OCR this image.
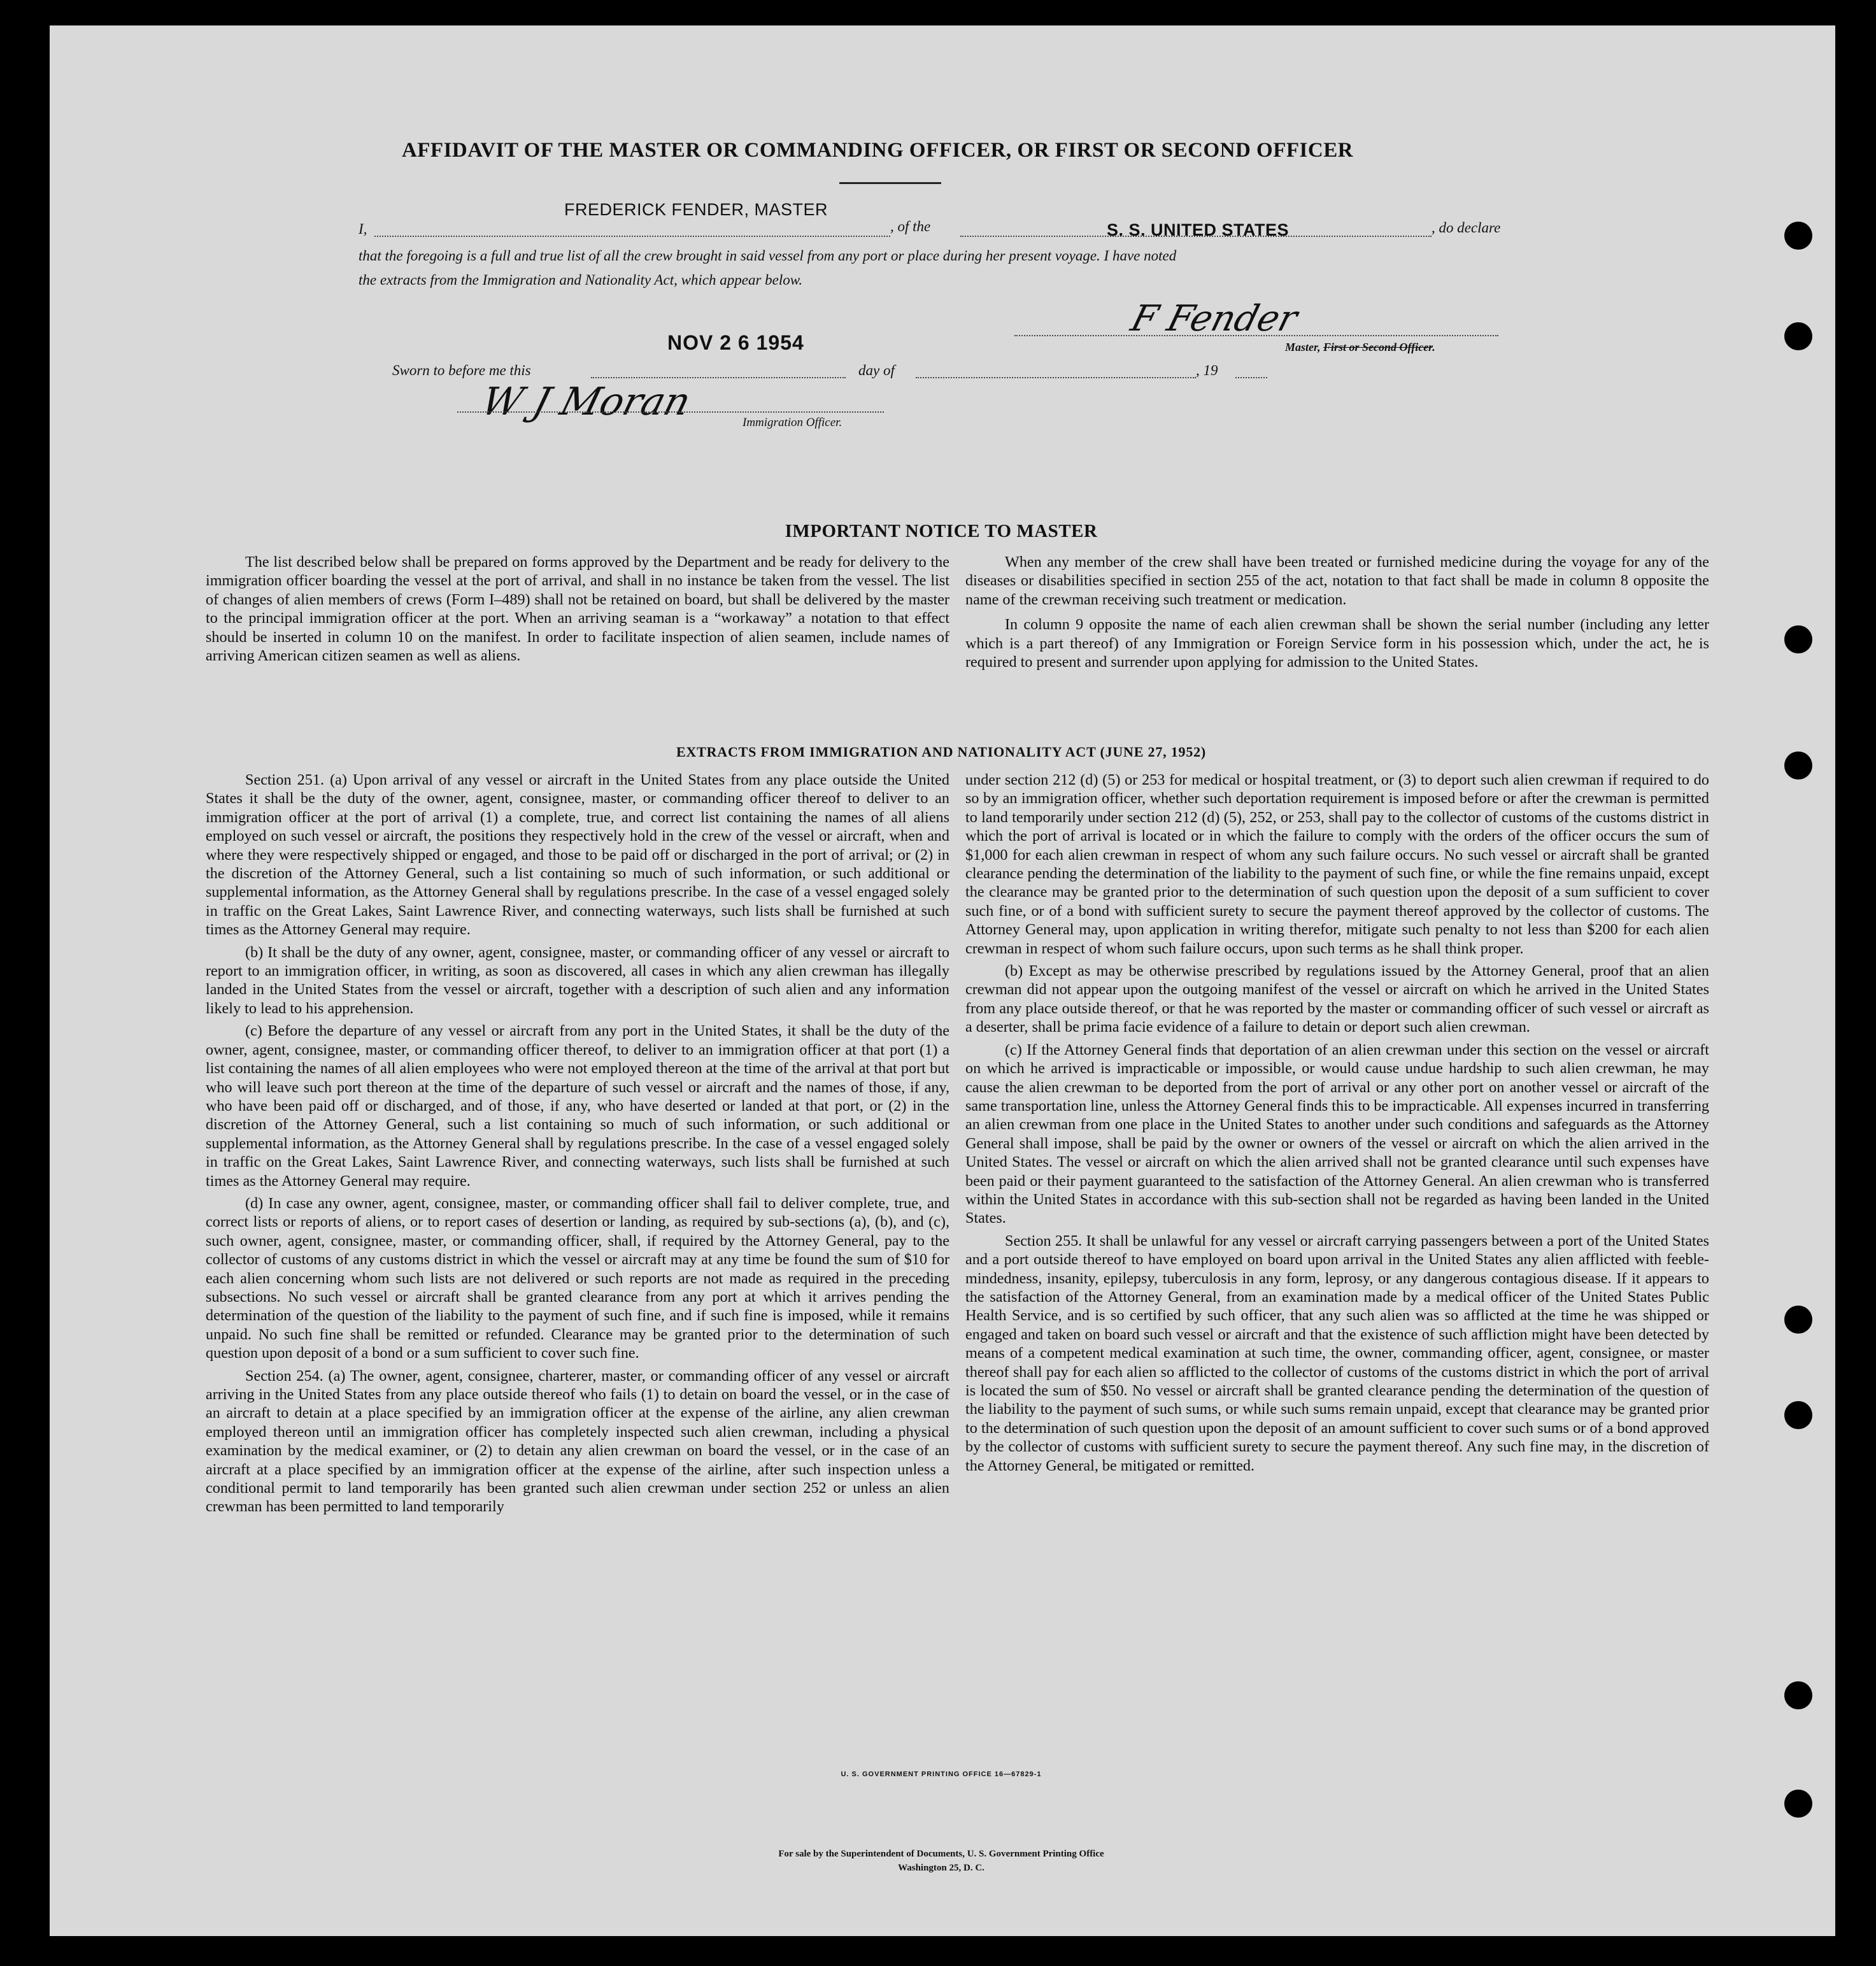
AFFIDAVIT OF THE MASTER OR COMMANDING OFFICER, OR FIRST OR SECOND OFFICER
I,
FREDERICK FENDER, MASTER
, of the	S. S. UNITED STATES	, do declare
that the foregoing is a full and true list of all the crew brought in said vessel from any port or place during her present voyage. I have noted
the extracts from the Immigration and Nationality Act, which appear below.
F Fender
Master, First or Second Officer.
NOV 2 6 1954
Sworn to before me this	day of	, 19
W J Moran	Immigration Officer.
IMPORTANT NOTICE TO MASTER

The list described below shall be prepared on forms approved by the Department and be ready for delivery to the immigration officer boarding the vessel at the port of arrival, and shall in no instance be taken from the vessel. The list of changes of alien members of crews (Form I–489) shall not be retained on board, but shall be delivered by the master to the principal immigration officer at the port. When an arriving seaman is a “workaway” a notation to that effect should be inserted in column 10 on the manifest. In order to facilitate inspection of alien seamen, include names of arriving American citizen seamen as well as aliens.

When any member of the crew shall have been treated or furnished medicine during the voyage for any of the diseases or disabilities specified in section 255 of the act, notation to that fact shall be made in column 8 opposite the name of the crewman receiving such treatment or medication.

In column 9 opposite the name of each alien crewman shall be shown the serial number (including any letter which is a part thereof) of any Immigration or Foreign Service form in his possession which, under the act, he is required to present and surrender upon applying for admission to the United States.

EXTRACTS FROM IMMIGRATION AND NATIONALITY ACT (JUNE 27, 1952)

Section 251. (a) Upon arrival of any vessel or aircraft in the United States from any place outside the United States it shall be the duty of the owner, agent, consignee, master, or commanding officer thereof to deliver to an immigration officer at the port of arrival (1) a complete, true, and correct list containing the names of all aliens employed on such vessel or aircraft, the positions they respectively hold in the crew of the vessel or aircraft, when and where they were respectively shipped or engaged, and those to be paid off or discharged in the port of arrival; or (2) in the discretion of the Attorney General, such a list containing so much of such information, or such additional or supplemental information, as the Attorney General shall by regulations prescribe. In the case of a vessel engaged solely in traffic on the Great Lakes, Saint Lawrence River, and connecting waterways, such lists shall be furnished at such times as the Attorney General may require.

(b) It shall be the duty of any owner, agent, consignee, master, or commanding officer of any vessel or aircraft to report to an immigration officer, in writing, as soon as discovered, all cases in which any alien crewman has illegally landed in the United States from the vessel or aircraft, together with a description of such alien and any information likely to lead to his apprehension.

(c) Before the departure of any vessel or aircraft from any port in the United States, it shall be the duty of the owner, agent, consignee, master, or commanding officer thereof, to deliver to an immigration officer at that port (1) a list containing the names of all alien employees who were not employed thereon at the time of the arrival at that port but who will leave such port thereon at the time of the departure of such vessel or aircraft and the names of those, if any, who have been paid off or discharged, and of those, if any, who have deserted or landed at that port, or (2) in the discretion of the Attorney General, such a list containing so much of such information, or such additional or supplemental information, as the Attorney General shall by regulations prescribe. In the case of a vessel engaged solely in traffic on the Great Lakes, Saint Lawrence River, and connecting waterways, such lists shall be furnished at such times as the Attorney General may require.

(d) In case any owner, agent, consignee, master, or commanding officer shall fail to deliver complete, true, and correct lists or reports of aliens, or to report cases of desertion or landing, as required by sub-sections (a), (b), and (c), such owner, agent, consignee, master, or commanding officer, shall, if required by the Attorney General, pay to the collector of customs of any customs district in which the vessel or aircraft may at any time be found the sum of $10 for each alien concerning whom such lists are not delivered or such reports are not made as required in the preceding subsections. No such vessel or aircraft shall be granted clearance from any port at which it arrives pending the determination of the question of the liability to the payment of such fine, and if such fine is imposed, while it remains unpaid. No such fine shall be remitted or refunded. Clearance may be granted prior to the determination of such question upon deposit of a bond or a sum sufficient to cover such fine.

Section 254. (a) The owner, agent, consignee, charterer, master, or commanding officer of any vessel or aircraft arriving in the United States from any place outside thereof who fails (1) to detain on board the vessel, or in the case of an aircraft to detain at a place specified by an immigration officer at the expense of the airline, any alien crewman employed thereon until an immigration officer has completely inspected such alien crewman, including a physical examination by the medical examiner, or (2) to detain any alien crewman on board the vessel, or in the case of an aircraft at a place specified by an immigration officer at the expense of the airline, after such inspection unless a conditional permit to land temporarily has been granted such alien crewman under section 252 or unless an alien crewman has been permitted to land temporarily

under section 212 (d) (5) or 253 for medical or hospital treatment, or (3) to deport such alien crewman if required to do so by an immigration officer, whether such deportation requirement is imposed before or after the crewman is permitted to land temporarily under section 212 (d) (5), 252, or 253, shall pay to the collector of customs of the customs district in which the port of arrival is located or in which the failure to comply with the orders of the officer occurs the sum of $1,000 for each alien crewman in respect of whom any such failure occurs. No such vessel or aircraft shall be granted clearance pending the determination of the liability to the payment of such fine, or while the fine remains unpaid, except the clearance may be granted prior to the determination of such question upon the deposit of a sum sufficient to cover such fine, or of a bond with sufficient surety to secure the payment thereof approved by the collector of customs. The Attorney General may, upon application in writing therefor, mitigate such penalty to not less than $200 for each alien crewman in respect of whom such failure occurs, upon such terms as he shall think proper.

(b) Except as may be otherwise prescribed by regulations issued by the Attorney General, proof that an alien crewman did not appear upon the outgoing manifest of the vessel or aircraft on which he arrived in the United States from any place outside thereof, or that he was reported by the master or commanding officer of such vessel or aircraft as a deserter, shall be prima facie evidence of a failure to detain or deport such alien crewman.

(c) If the Attorney General finds that deportation of an alien crewman under this section on the vessel or aircraft on which he arrived is impracticable or impossible, or would cause undue hardship to such alien crewman, he may cause the alien crewman to be deported from the port of arrival or any other port on another vessel or aircraft of the same transportation line, unless the Attorney General finds this to be impracticable. All expenses incurred in transferring an alien crewman from one place in the United States to another under such conditions and safeguards as the Attorney General shall impose, shall be paid by the owner or owners of the vessel or aircraft on which the alien arrived in the United States. The vessel or aircraft on which the alien arrived shall not be granted clearance until such expenses have been paid or their payment guaranteed to the satisfaction of the Attorney General. An alien crewman who is transferred within the United States in accordance with this sub-section shall not be regarded as having been landed in the United States.

Section 255. It shall be unlawful for any vessel or aircraft carrying passengers between a port of the United States and a port outside thereof to have employed on board upon arrival in the United States any alien afflicted with feeble-mindedness, insanity, epilepsy, tuberculosis in any form, leprosy, or any dangerous contagious disease. If it appears to the satisfaction of the Attorney General, from an examination made by a medical officer of the United States Public Health Service, and is so certified by such officer, that any such alien was so afflicted at the time he was shipped or engaged and taken on board such vessel or aircraft and that the existence of such affliction might have been detected by means of a competent medical examination at such time, the owner, commanding officer, agent, consignee, or master thereof shall pay for each alien so afflicted to the collector of customs of the customs district in which the port of arrival is located the sum of $50. No vessel or aircraft shall be granted clearance pending the determination of the question of the liability to the payment of such sums, or while such sums remain unpaid, except that clearance may be granted prior to the determination of such question upon the deposit of an amount sufficient to cover such sums or of a bond approved by the collector of customs with sufficient surety to secure the payment thereof. Any such fine may, in the discretion of the Attorney General, be mitigated or remitted.

U. S. GOVERNMENT PRINTING OFFICE 16—67829-1
For sale by the Superintendent of Documents, U. S. Government Printing Office
Washington 25, D. C.
